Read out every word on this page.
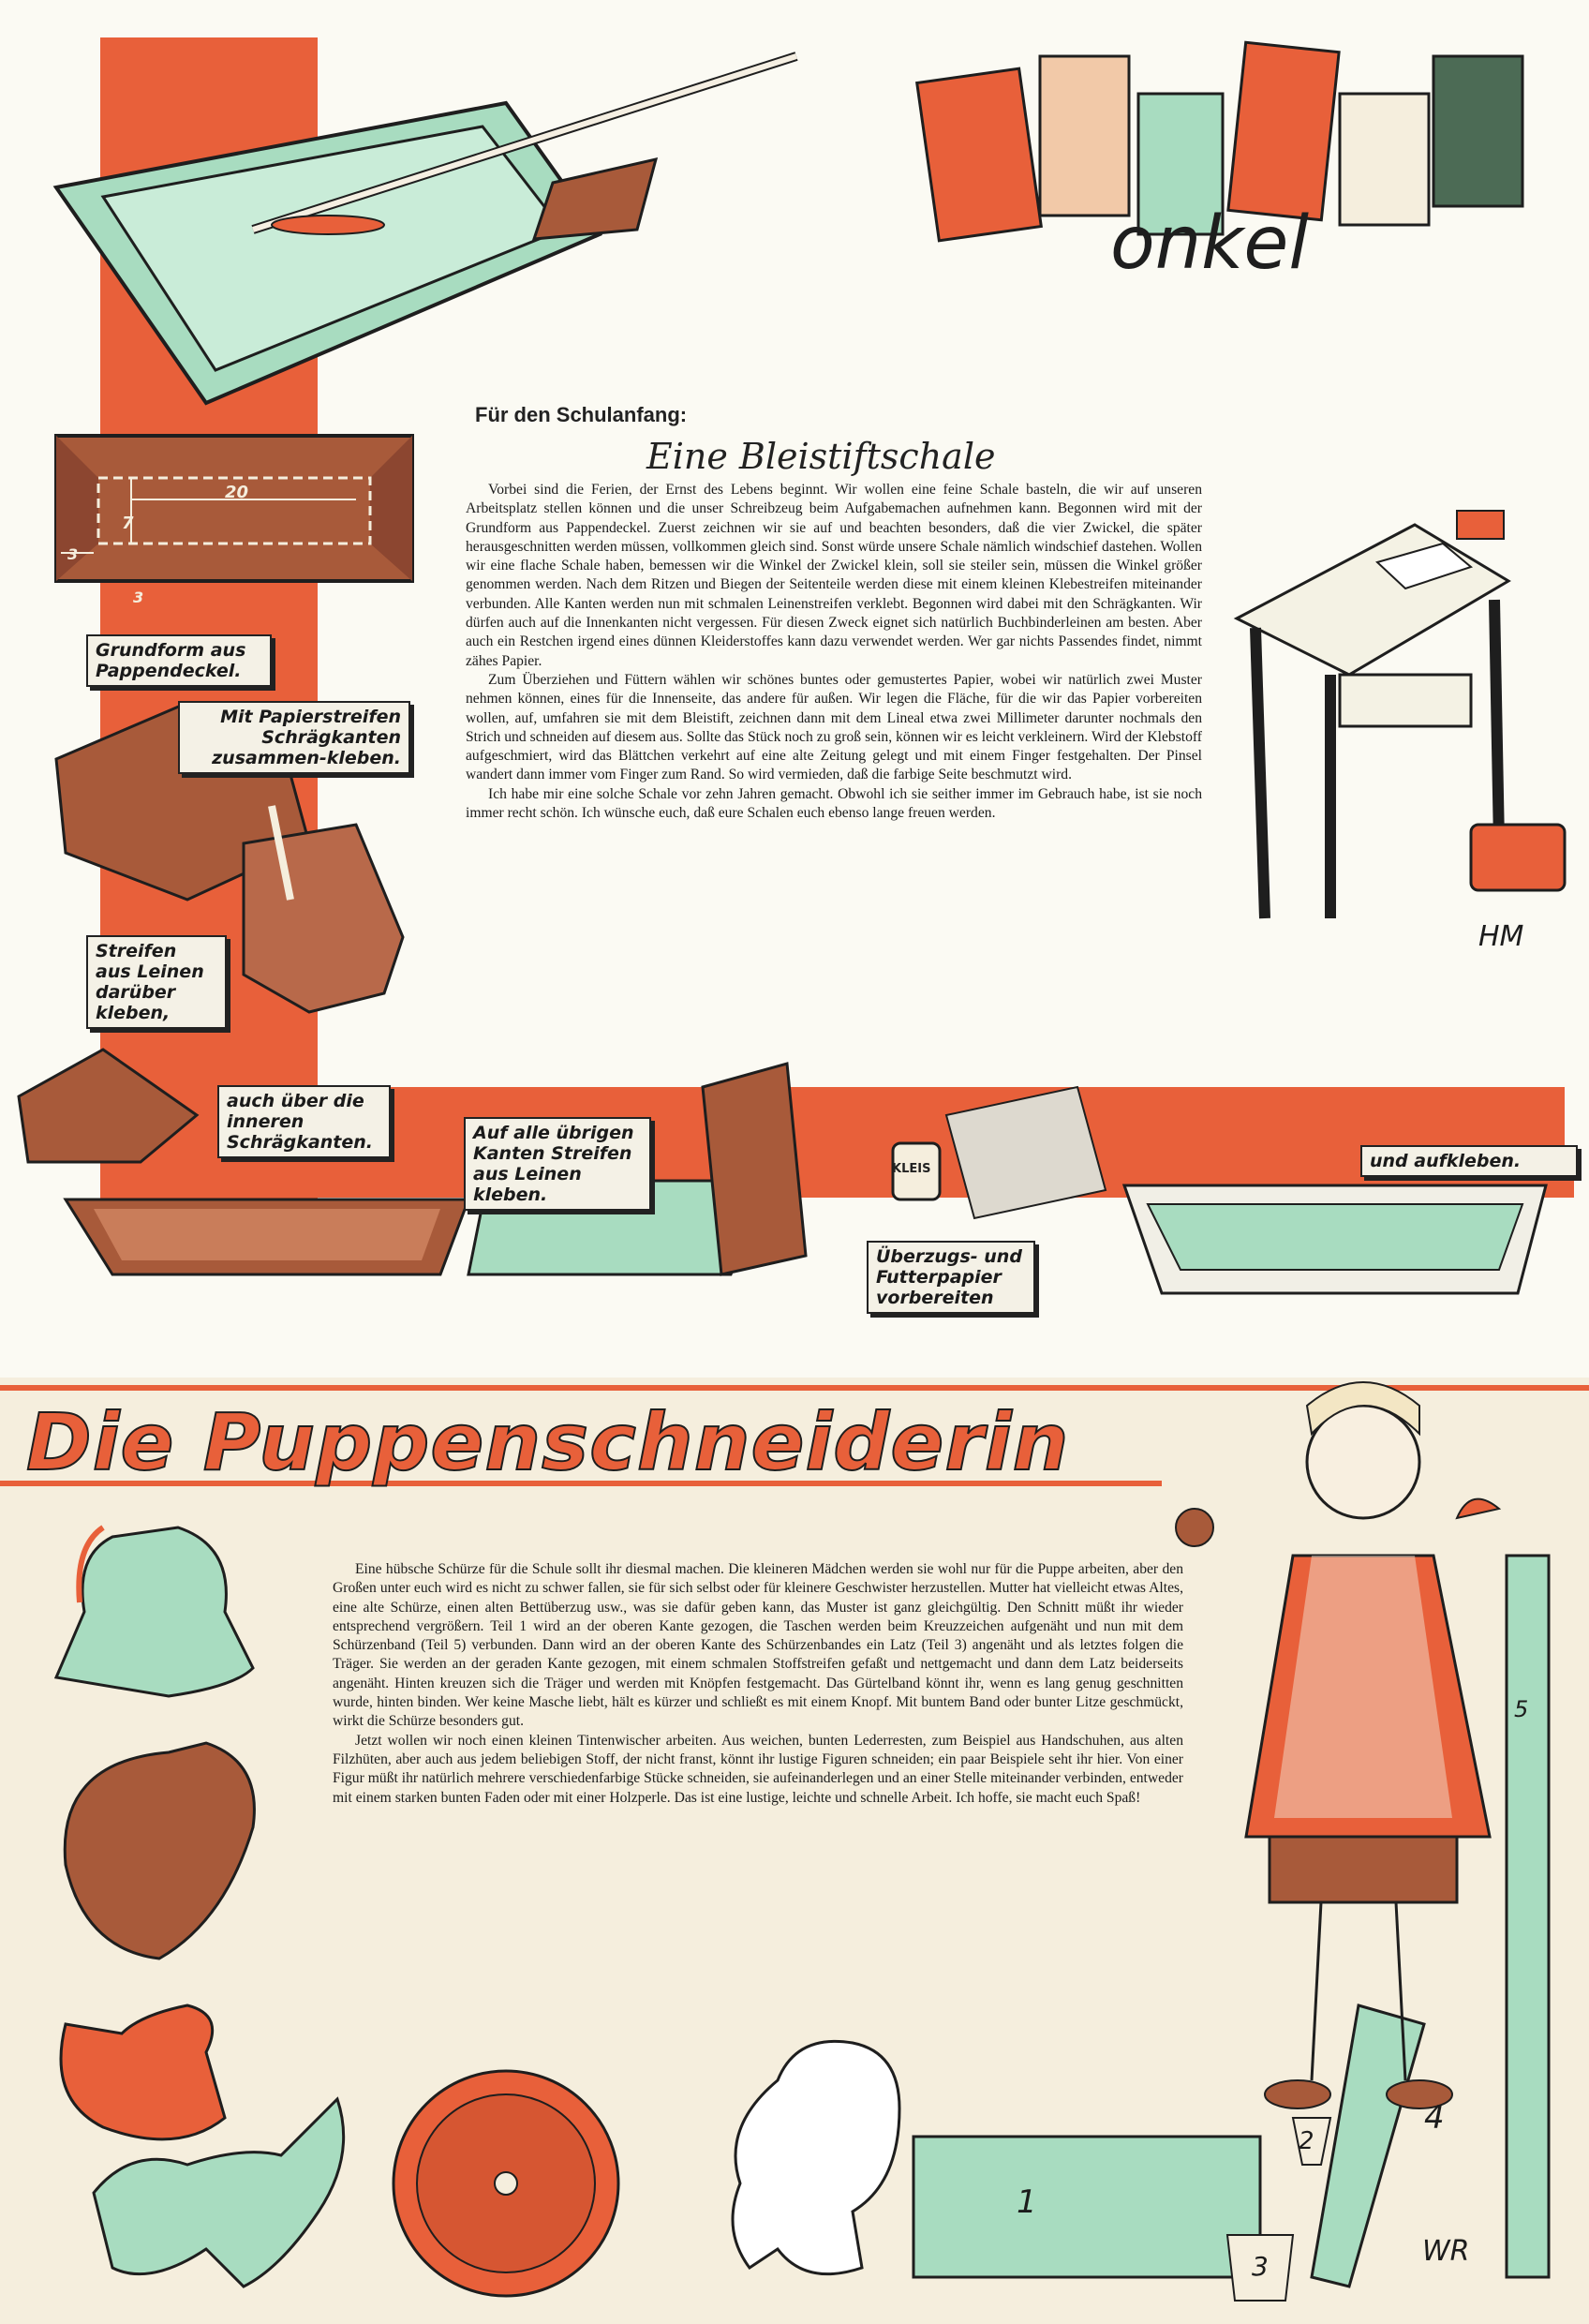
onkel
Für den Schulanfang:
Eine Bleistiftschale

Vorbei sind die Ferien, der Ernst des Lebens beginnt. Wir wollen eine feine Schale basteln, die wir auf unseren Arbeitsplatz stellen können und die unser Schreibzeug beim Aufgabemachen aufnehmen kann. Begonnen wird mit der Grundform aus Pappendeckel. Zuerst zeichnen wir sie auf und beachten besonders, daß die vier Zwickel, die später herausgeschnitten werden müssen, vollkommen gleich sind. Sonst würde unsere Schale nämlich windschief dastehen. Wollen wir eine flache Schale haben, bemessen wir die Winkel der Zwickel klein, soll sie steiler sein, müssen die Winkel größer genommen werden. Nach dem Ritzen und Biegen der Seitenteile werden diese mit einem kleinen Klebestreifen miteinander verbunden. Alle Kanten werden nun mit schmalen Leinenstreifen verklebt. Begonnen wird dabei mit den Schrägkanten. Wir dürfen auch auf die Innenkanten nicht vergessen. Für diesen Zweck eignet sich natürlich Buchbinderleinen am besten. Aber auch ein Restchen irgend eines dünnen Kleiderstoffes kann dazu verwendet werden. Wer gar nichts Passendes findet, nimmt zähes Papier.

Zum Überziehen und Füttern wählen wir schönes buntes oder gemustertes Papier, wobei wir natürlich zwei Muster nehmen können, eines für die Innenseite, das andere für außen. Wir legen die Fläche, für die wir das Papier vorbereiten wollen, auf, umfahren sie mit dem Bleistift, zeichnen dann mit dem Lineal etwa zwei Millimeter darunter nochmals den Strich und schneiden auf diesem aus. Sollte das Stück noch zu groß sein, können wir es leicht verkleinern. Wird der Klebstoff aufgeschmiert, wird das Blättchen verkehrt auf eine alte Zeitung gelegt und mit einem Finger festgehalten. Der Pinsel wandert dann immer vom Finger zum Rand. So wird vermieden, daß die farbige Seite beschmutzt wird.

Ich habe mir eine solche Schale vor zehn Jahren gemacht. Obwohl ich sie seither immer im Gebrauch habe, ist sie noch immer recht schön. Ich wünsche euch, daß eure Schalen euch ebenso lange freuen werden.

20
7
3
3
Grundform aus Pappendeckel.
Mit Papierstreifen Schrägkanten zusammen-kleben.
Streifen aus Leinen darüber kleben,
auch über die inneren Schrägkanten.	Auf alle übrigen Kanten Streifen aus Leinen kleben.
Überzugs- und Futterpapier vorbereiten
und aufkleben.
KLEIS
HM
Die Puppenschneiderin

Eine hübsche Schürze für die Schule sollt ihr diesmal machen. Die kleineren Mädchen werden sie wohl nur für die Puppe arbeiten, aber den Großen unter euch wird es nicht zu schwer fallen, sie für sich selbst oder für kleinere Geschwister herzustellen. Mutter hat vielleicht etwas Altes, eine alte Schürze, einen alten Bettüberzug usw., was sie dafür geben kann, das Muster ist ganz gleichgültig. Den Schnitt müßt ihr wieder entsprechend vergrößern. Teil 1 wird an der oberen Kante gezogen, die Taschen werden beim Kreuzzeichen aufgenäht und nun mit dem Schürzenband (Teil 5) verbunden. Dann wird an der oberen Kante des Schürzenbandes ein Latz (Teil 3) angenäht und als letztes folgen die Träger. Sie werden an der geraden Kante gezogen, mit einem schmalen Stoffstreifen gefaßt und nettgemacht und dann dem Latz beiderseits angenäht. Hinten kreuzen sich die Träger und werden mit Knöpfen festgemacht. Das Gürtelband könnt ihr, wenn es lang genug geschnitten wurde, hinten binden. Wer keine Masche liebt, hält es kürzer und schließt es mit einem Knopf. Mit buntem Band oder bunter Litze geschmückt, wirkt die Schürze besonders gut.

Jetzt wollen wir noch einen kleinen Tintenwischer arbeiten. Aus weichen, bunten Lederresten, zum Beispiel aus Handschuhen, aus alten Filzhüten, aber auch aus jedem beliebigen Stoff, der nicht franst, könnt ihr lustige Figuren schneiden; ein paar Beispiele seht ihr hier. Von einer Figur müßt ihr natürlich mehrere verschiedenfarbige Stücke schneiden, sie aufeinanderlegen und an einer Stelle miteinander verbinden, entweder mit einem starken bunten Faden oder mit einer Holzperle. Das ist eine lustige, leichte und schnelle Arbeit. Ich hoffe, sie macht euch Spaß!

1
2
3
4
5
WR
